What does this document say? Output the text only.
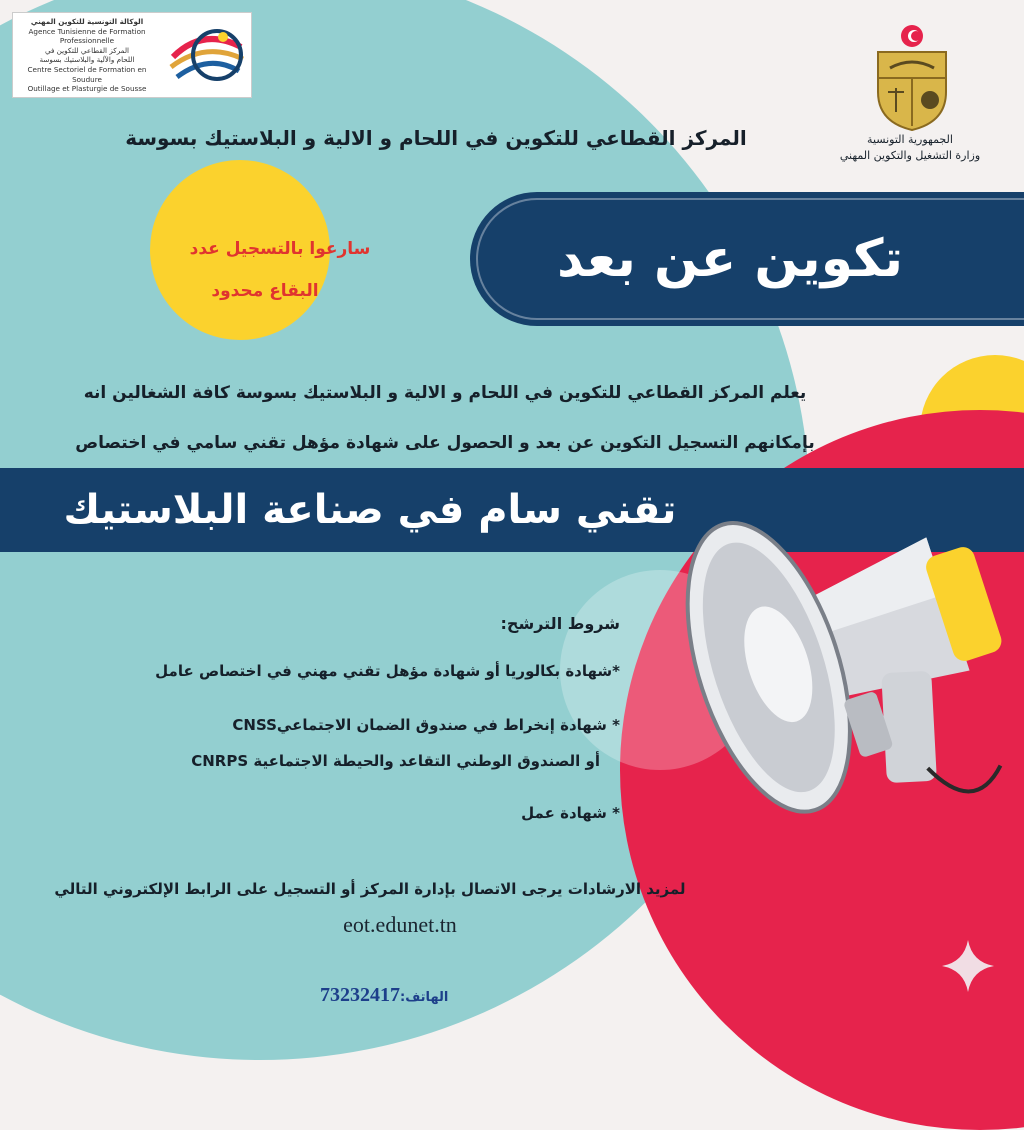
الوكالة التونسية للتكوين المهني
Agence Tunisienne de Formation
Professionnelle
المركز القطاعي للتكوين في
اللحام والآلية والبلاستيك بسوسة
Centre Sectoriel de Formation en Soudure
Outillage et Plasturgie de Sousse
الجمهورية التونسية
وزارة التشغيل والتكوين المهني
المركز القطاعي للتكوين في اللحام و الالية و البلاستيك بسوسة
سارعوا بالتسجيل عدد
البقاع محدود
تكوين عن بعد
يعلم المركز القطاعي للتكوين في اللحام و الالية و البلاستيك بسوسة كافة الشغالين انه
بإمكانهم التسجيل التكوين عن بعد و الحصول على شهادة مؤهل تقني سامي في اختصاص
تقني سام في صناعة البلاستيك
شروط الترشح:
*شهادة بكالوريا أو شهادة مؤهل تقني مهني في اختصاص عامل
* شهادة إنخراط في صندوق الضمان الاجتماعيCNSS
أو الصندوق الوطني التقاعد والحيطة الاجتماعية CNRPS
* شهادة عمل
لمزيد الارشادات يرجى الاتصال بإدارة المركز أو التسجيل على الرابط الإلكتروني التالي
eot.edunet.tn
الهاتف:73232417
